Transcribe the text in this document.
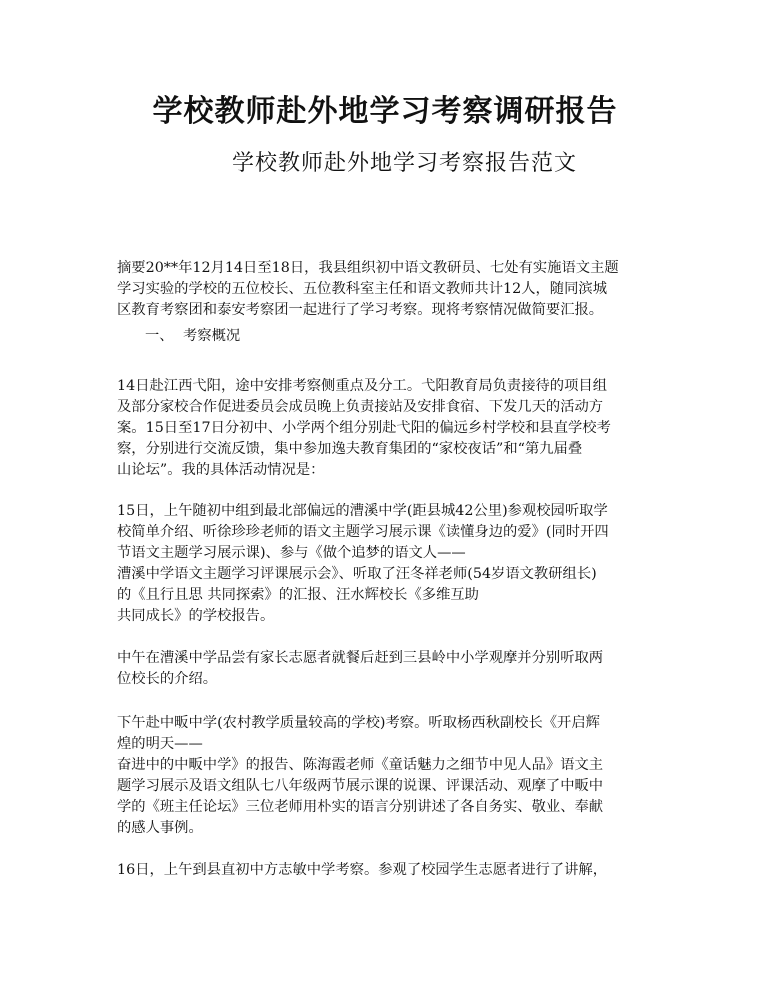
学校教师赴外地学习考察调研报告
学校教师赴外地学习考察报告范文
摘要20**年12月14日至18日，我县组织初中语文教研员、七处有实施语文主题
学习实验的学校的五位校长、五位教科室主任和语文教师共计12人，随同滨城
区教育考察团和泰安考察团一起进行了学习考察。现将考察情况做简要汇报。
一、 考察概况
14日赴江西弋阳，途中安排考察侧重点及分工。弋阳教育局负责接待的项目组
及部分家校合作促进委员会成员晚上负责接站及安排食宿、下发几天的活动方
案。15日至17日分初中、小学两个组分别赴弋阳的偏远乡村学校和县直学校考
察，分别进行交流反馈，集中参加逸夫教育集团的“家校夜话”和“第九届叠
山论坛”。我的具体活动情况是：
15日，上午随初中组到最北部偏远的漕溪中学(距县城42公里)参观校园听取学
校简单介绍、听徐珍珍老师的语文主题学习展示课《读懂身边的爱》(同时开四
节语文主题学习展示课)、参与《做个追梦的语文人——
漕溪中学语文主题学习评课展示会》、听取了汪冬祥老师(54岁语文教研组长)
的《且行且思 共同探索》的汇报、汪水辉校长《多维互助
共同成长》的学校报告。
中午在漕溪中学品尝有家长志愿者就餐后赶到三县岭中小学观摩并分别听取两
位校长的介绍。
下午赴中畈中学(农村教学质量较高的学校)考察。听取杨西秋副校长《开启辉
煌的明天——
奋进中的中畈中学》的报告、陈海霞老师《童话魅力之细节中见人品》语文主
题学习展示及语文组队七八年级两节展示课的说课、评课活动、观摩了中畈中
学的《班主任论坛》三位老师用朴实的语言分别讲述了各自务实、敬业、奉献
的感人事例。
16日，上午到县直初中方志敏中学考察。参观了校园学生志愿者进行了讲解，
